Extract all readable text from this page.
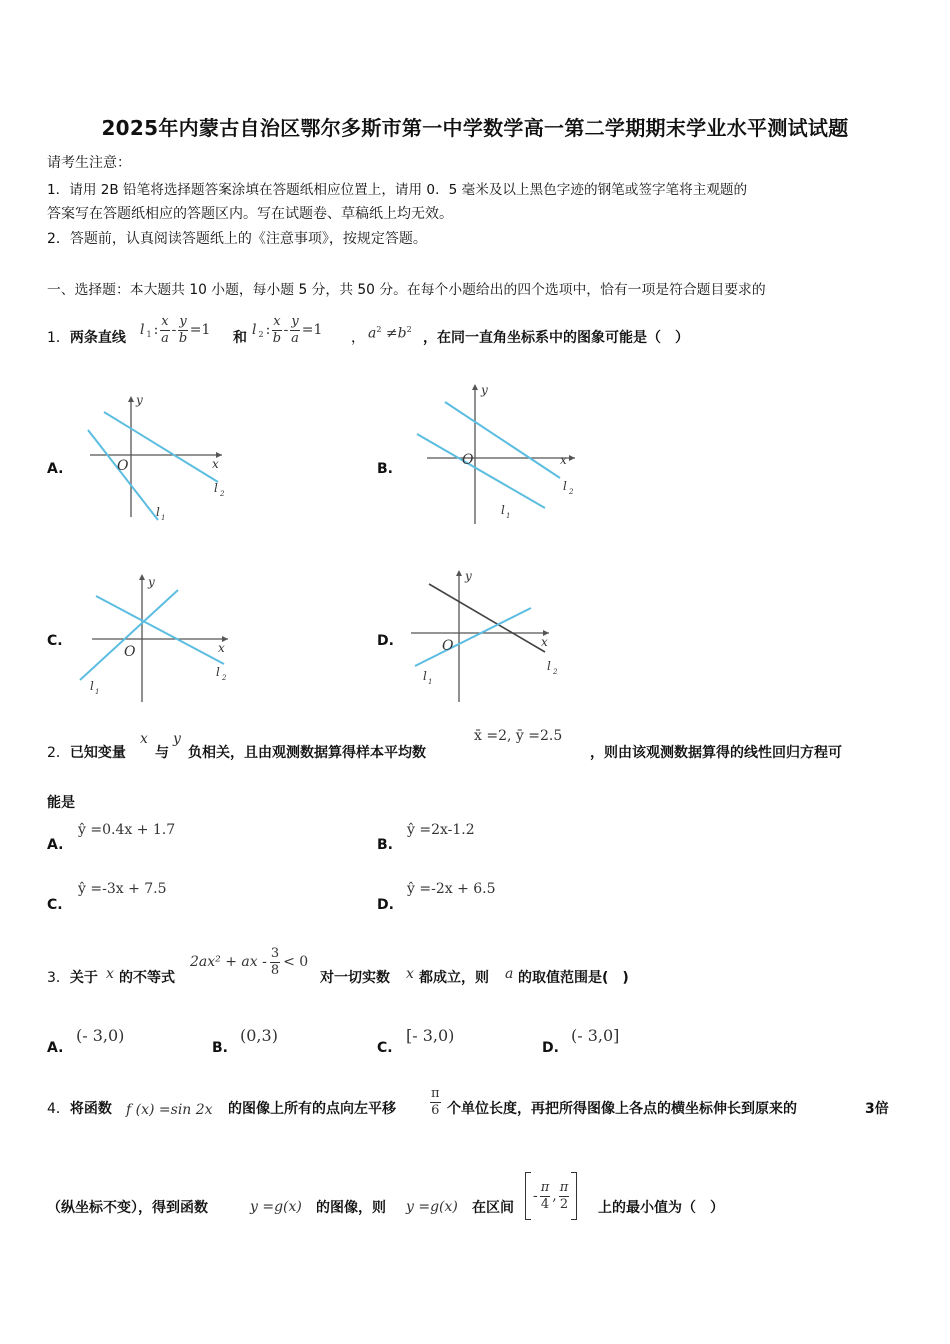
2025年内蒙古自治区鄂尔多斯市第一中学数学高一第二学期期末学业水平测试试题
请考生注意：
1．请用 2B 铅笔将选择题答案涂填在答题纸相应位置上，请用 0．5 毫米及以上黑色字迹的钢笔或签字笔将主观题的
答案写在答题纸相应的答题区内。写在试题卷、草稿纸上均无效。
2．答题前，认真阅读答题纸上的《注意事项》，按规定答题。
一、选择题：本大题共 10 小题，每小题 5 分，共 50 分。在每个小题给出的四个选项中，恰有一项是符合题目要求的
1．两条直线 l 1 : $\frac{x}{a} - \frac{y}{b} =1$ 和 l 2 : $\frac{x}{b} - \frac{y}{a} =1$ ， $a^2 \ne b^2$
，在同一直角坐标系中的图象可能是（　）
A.	B.
C.	D.
y
x
O
l 2
l 1
y
x
O
l 2
l 1
y
x
O
l 2
l 1
y
x
O
l 2
l 1
2．已知变量
x
与
y
负相关，且由观测数据算得样本平均数
x̄ =2, ȳ =2.5
，则由该观测数据算得的线性回归方程可
能是
A.
ŷ =0.4x + 1.7
B.
ŷ =2x-1.2
C.
ŷ =-3x + 7.5
D.
ŷ =-2x + 6.5
3．关于 x 的不等式
2ax² + ax - $\frac{3}{8} < 0$
对一切实数 x 都成立，则 a 的取值范围是(　)
A.
(- 3,0)
B.
(0,3)
C.
[- 3,0)
D.
(- 3,0]
4．将函数 f (x) =sin 2x 的图像上所有的点向左平移	$\frac{\pi}{6}$ 个单位长度，再把所得图像上各点的横坐标伸长到原来的	3倍
（纵坐标不变），得到函数	y =g(x) 的图像，则 y =g(x) 在区间
- $\frac{\pi}{4}$ , $\frac{\pi}{2}$ 上的最小值为（　）
